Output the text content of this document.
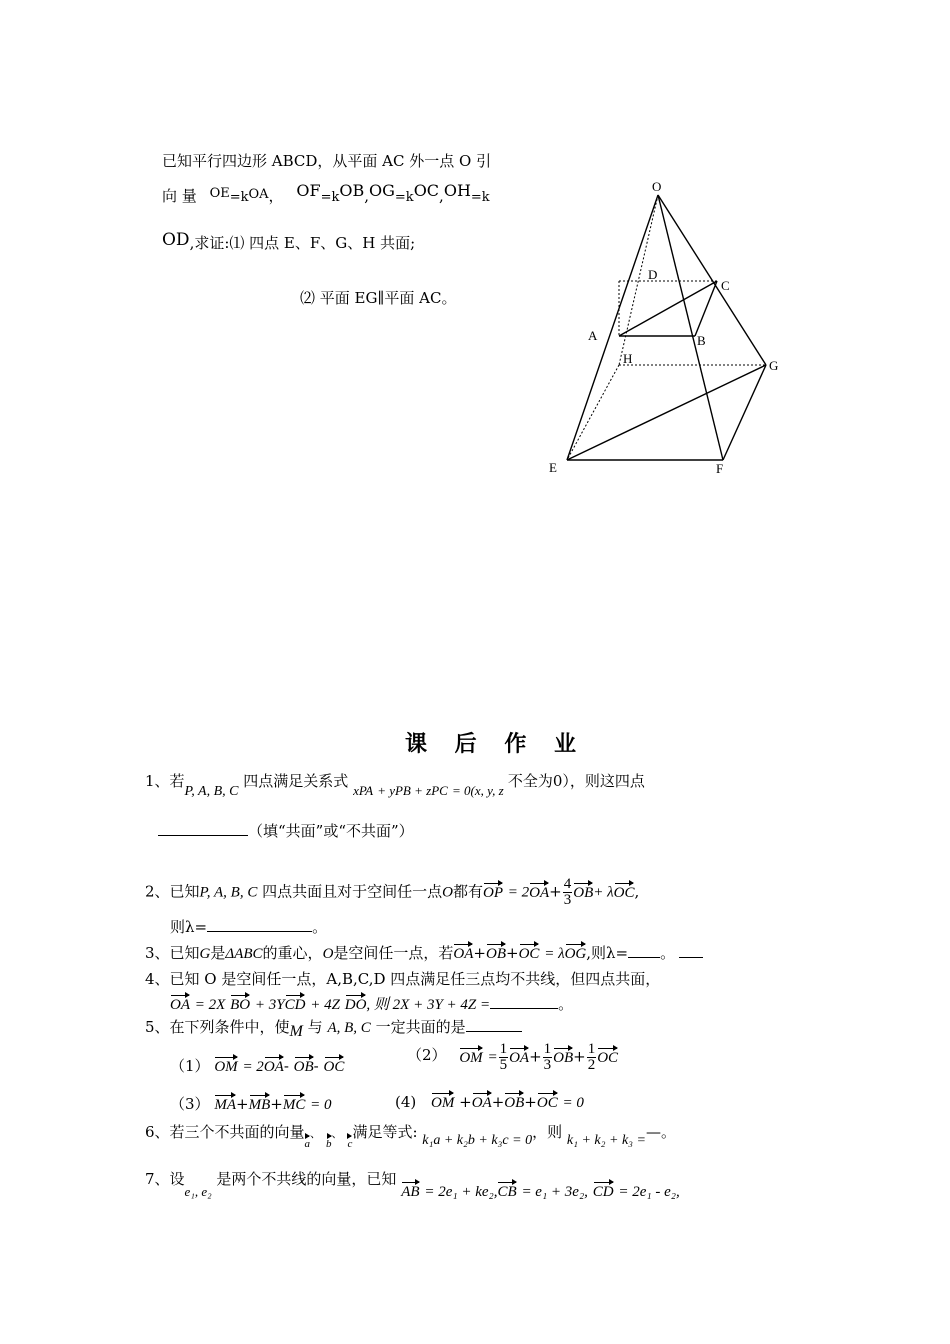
已知平行四边形 ABCD，从平面 AC 外一点 O 引
向 量 OE=kOA， OF=kOB,OG=kOC,OH=k
OD,求证:⑴ 四点 E、F、G、H 共面;
⑵ 平面 EG∥平面 AC。
O
D
C
A	B
H	G
E	F
课 后 作 业
1、若P, A, B, C 四点满足关系式 xPA + yPB + zPC = 0(x, y, z 不全为0），则这四点
（填“共面”或“不共面”）
2、已知P, A, B, C 四点共面且对于空间任一点O都有OP = $2OA+ \frac{4}{3} OB+ \lambda OC$,
则λ=	。
3、已知G是ΔABC的重心，O是空间任一点，若OA+OB+OC = λOG,则λ= 。
4、已知 O 是空间任一点，A,B,C,D 四点满足任三点均不共线，但四点共面，
OA = 2X BO + 3YCD + 4Z DO, 则 2X + 3Y + 4Z =	。
5、在下列条件中，使M 与 A, B, C 一定共面的是
（1） OM = 2OA- OB- OC
（2） OM = $\frac{1}{5} OA+ \frac{1}{3} OB+ \frac{1}{2}$ OC
（3） MA+MB+MC = 0	(4) OM +OA+OB+OC = 0
6、若三个不共面的向量a、b、c满足等式: k₁a + k₂b + k₃c = 0，则 k₁ + k₂ + k₃ =—。
7、设e₁, e₂ 是两个不共线的向量，已知 AB = 2e₁ + ke₂,CB = e₁ + 3e₂, CD = 2e₁ - e₂,
